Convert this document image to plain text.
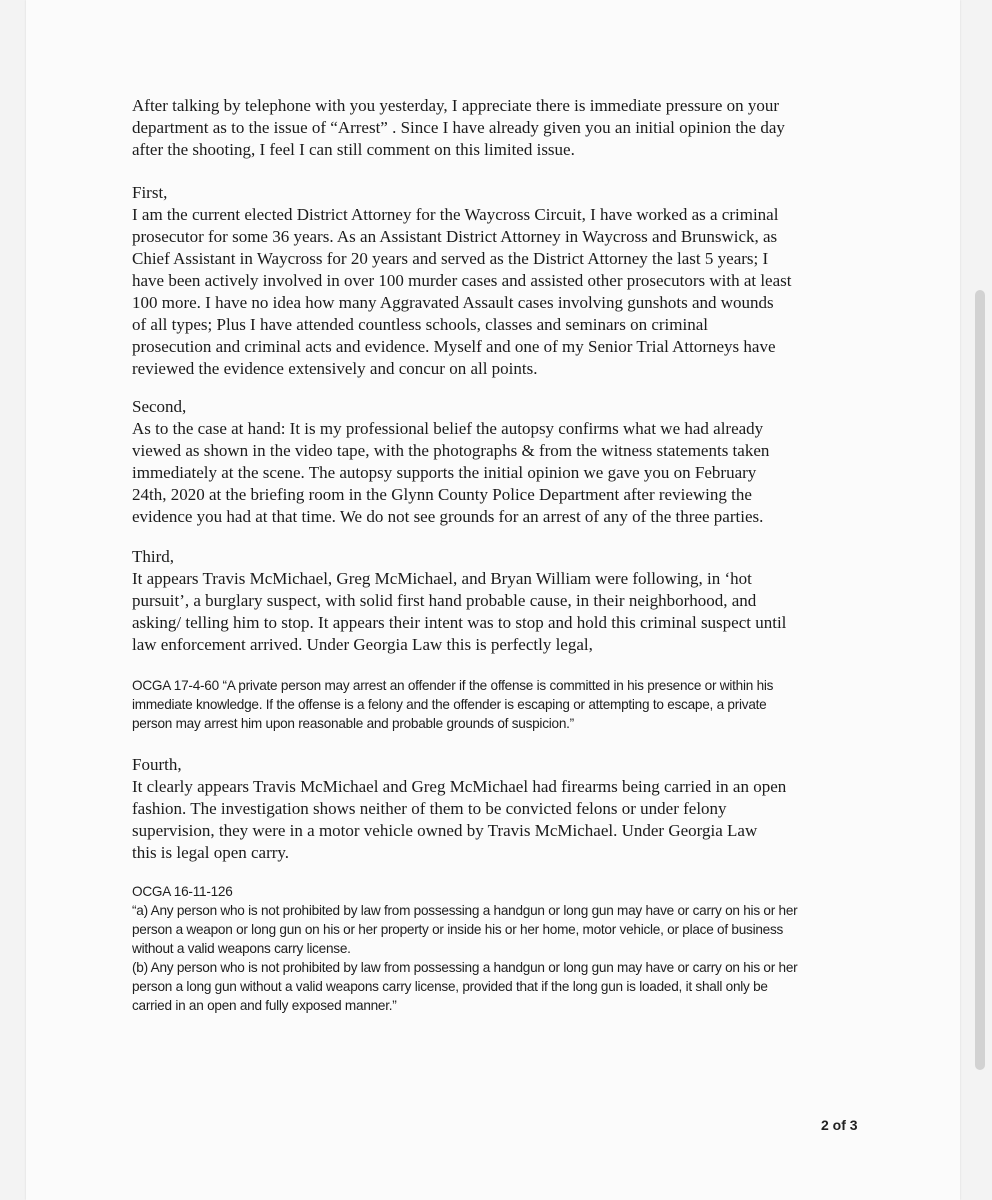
After talking by telephone with you yesterday, I appreciate there is immediate pressure on your
department as to the issue of “Arrest” . Since I have already given you an initial opinion the day
after the shooting, I feel I can still comment on this limited issue.
First,
I am the current elected District Attorney for the Waycross Circuit, I have worked as a criminal
prosecutor for some 36 years. As an Assistant District Attorney in Waycross and Brunswick, as
Chief Assistant in Waycross for 20 years and served as the District Attorney the last 5 years; I
have been actively involved in over 100 murder cases and assisted other prosecutors with at least
100 more. I have no idea how many Aggravated Assault cases involving gunshots and wounds
of all types; Plus I have attended countless schools, classes and seminars on criminal
prosecution and criminal acts and evidence. Myself and one of my Senior Trial Attorneys have
reviewed the evidence extensively and concur on all points.
Second,
As to the case at hand: It is my professional belief the autopsy confirms what we had already
viewed as shown in the video tape, with the photographs & from the witness statements taken
immediately at the scene. The autopsy supports the initial opinion we gave you on February
24th, 2020 at the briefing room in the Glynn County Police Department after reviewing the
evidence you had at that time. We do not see grounds for an arrest of any of the three parties.
Third,
It appears Travis McMichael, Greg McMichael, and Bryan William were following, in ‘hot
pursuit’, a burglary suspect, with solid first hand probable cause, in their neighborhood, and
asking/ telling him to stop. It appears their intent was to stop and hold this criminal suspect until
law enforcement arrived. Under Georgia Law this is perfectly legal,
OCGA 17-4-60 “A private person may arrest an offender if the offense is committed in his presence or within his
immediate knowledge. If the offense is a felony and the offender is escaping or attempting to escape, a private
person may arrest him upon reasonable and probable grounds of suspicion.”
Fourth,
It clearly appears Travis McMichael and Greg McMichael had firearms being carried in an open
fashion. The investigation shows neither of them to be convicted felons or under felony
supervision, they were in a motor vehicle owned by Travis McMichael. Under Georgia Law
this is legal open carry.
OCGA 16-11-126
“a) Any person who is not prohibited by law from possessing a handgun or long gun may have or carry on his or her
person a weapon or long gun on his or her property or inside his or her home, motor vehicle, or place of business
without a valid weapons carry license.
(b) Any person who is not prohibited by law from possessing a handgun or long gun may have or carry on his or her
person a long gun without a valid weapons carry license, provided that if the long gun is loaded, it shall only be
carried in an open and fully exposed manner.”
2 of 3
